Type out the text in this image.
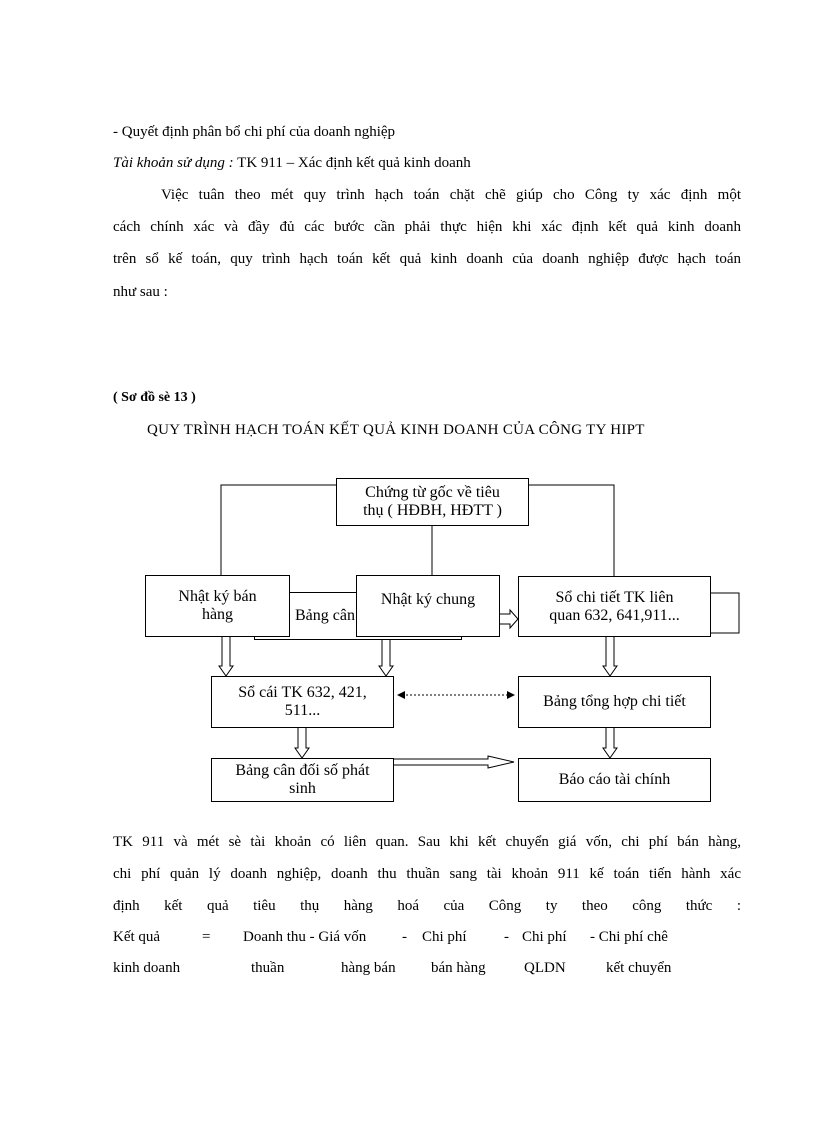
- Quyết định phân bổ chi phí của doanh nghiệp
Tài khoản sử dụng : TK 911 – Xác định kết quả kinh doanh
Việc tuân theo mét quy trình hạch toán chặt chẽ giúp cho Công ty xác định một
cách chính xác và đầy đủ các bước cần phải thực hiện khi xác định kết quả kinh doanh
trên sổ kế toán, quy trình hạch toán kết quả kinh doanh của doanh nghiệp được hạch toán
như sau :
( Sơ đồ sè 13 )
QUY TRÌNH HẠCH TOÁN KẾT QUẢ KINH DOANH CỦA CÔNG TY HIPT
Bảng cân
Nhật ký bán
hàng
Nhật ký chung	Sổ chi tiết TK liên
quan 632, 641,911...
Chứng từ gốc về tiêu
thụ ( HĐBH, HĐTT )
Sổ cái TK 632, 421,
511...
Bảng tổng hợp chi tiết
Bảng cân đối số phát
sinh
Báo cáo tài chính
Để xác định kết quả kinh doanh kế toán sử dụng TK 911, TK 632, TK641, TK 642,
TK 911 và mét sè tài khoản có liên quan. Sau khi kết chuyển giá vốn, chi phí bán hàng,
chi phí quản lý doanh nghiệp, doanh thu thuần sang tài khoản 911 kế toán tiến hành xác
định kết quả tiêu thụ hàng hoá của Công ty theo công thức :
Kết quả	= Doanh thu - Giá vốn - Chi phí - Chi phí - Chi phí chê
kinh doanh	thuần	hàng bán bán hàng	QLDN	kết chuyển
